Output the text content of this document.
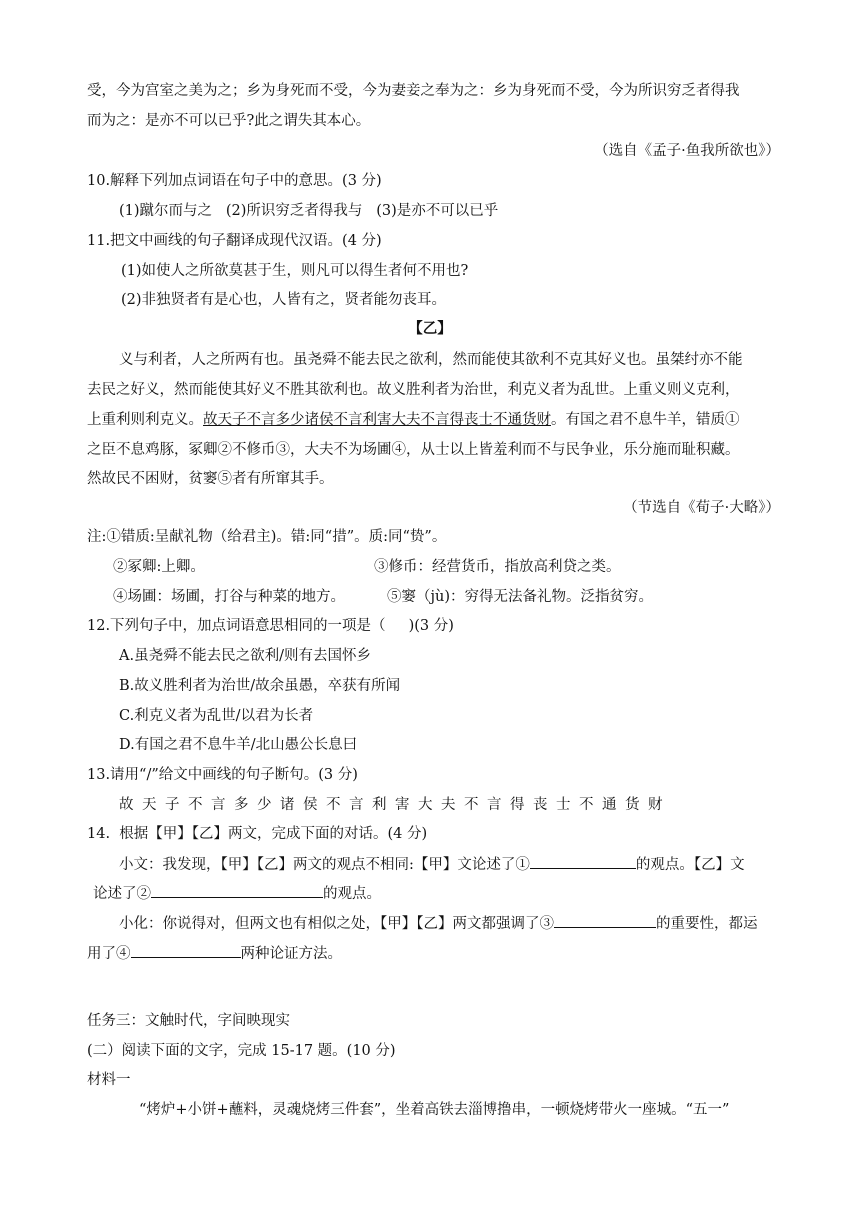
受，今为宫室之美为之；乡为身死而不受，今为妻妾之奉为之：乡为身死而不受，今为所识穷乏者得我
而为之：是亦不可以已乎?此之谓失其本心。
（选自《孟子·鱼我所欲也》）
10.解释下列加点词语在句子中的意思。(3 分)
(1)蹴尔而与之   (2)所识穷乏者得我与   (3)是亦不可以已乎
11.把文中画线的句子翻译成现代汉语。(4 分)
(1)如使人之所欲莫甚于生，则凡可以得生者何不用也?
(2)非独贤者有是心也，人皆有之，贤者能勿丧耳。
【乙】
义与利者，人之所两有也。虽尧舜不能去民之欲利，然而能使其欲利不克其好义也。虽桀纣亦不能
去民之好义，然而能使其好义不胜其欲利也。故义胜利者为治世，利克义者为乱世。上重义则义克利，
上重利则利克义。故天子不言多少诸侯不言利害大夫不言得丧士不通货财。有国之君不息牛羊，错质①
之臣不息鸡豚，冢卿②不修币③，大夫不为场圃④，从士以上皆羞利而不与民争业，乐分施而耻积藏。
然故民不困财，贫窭⑤者有所窜其手。
（节选自《荀子·大略》）
注:①错质:呈献礼物（给君主)。错:同“措”。质:同“贽”。
②冢卿:上卿。	③修币：经营货币，指放高利贷之类。
④场圃：场圃，打谷与种菜的地方。	⑤窭（jù)：穷得无法备礼物。泛指贫穷。
12.下列句子中，加点词语意思相同的一项是（     )(3 分)
A.虽尧舜不能去民之欲利/则有去国怀乡
B.故义胜利者为治世/故余虽愚，卒获有所闻
C.利克义者为乱世/以君为长者
D.有国之君不息牛羊/北山愚公长息曰
13.请用“/”给文中画线的句子断句。(3 分)
故天子不言多少诸侯不言利害大夫不言得丧士不通货财
14.  根据【甲】【乙】两文，完成下面的对话。(4 分)
小文：我发现，【甲】【乙】两文的观点不相同:【甲】文论述了①	的观点。【乙】文
论述了②	的观点。
小化：你说得对，但两文也有相似之处，【甲】【乙】两文都强调了③	的重要性，都运
用了④	两种论证方法。
任务三：文触时代，字间映现实
(二）阅读下面的文字，完成 15-17 题。(10 分)
材料一
“烤炉+小饼+蘸料，灵魂烧烤三件套”，坐着高铁去淄博撸串，一顿烧烤带火一座城。“五一”
